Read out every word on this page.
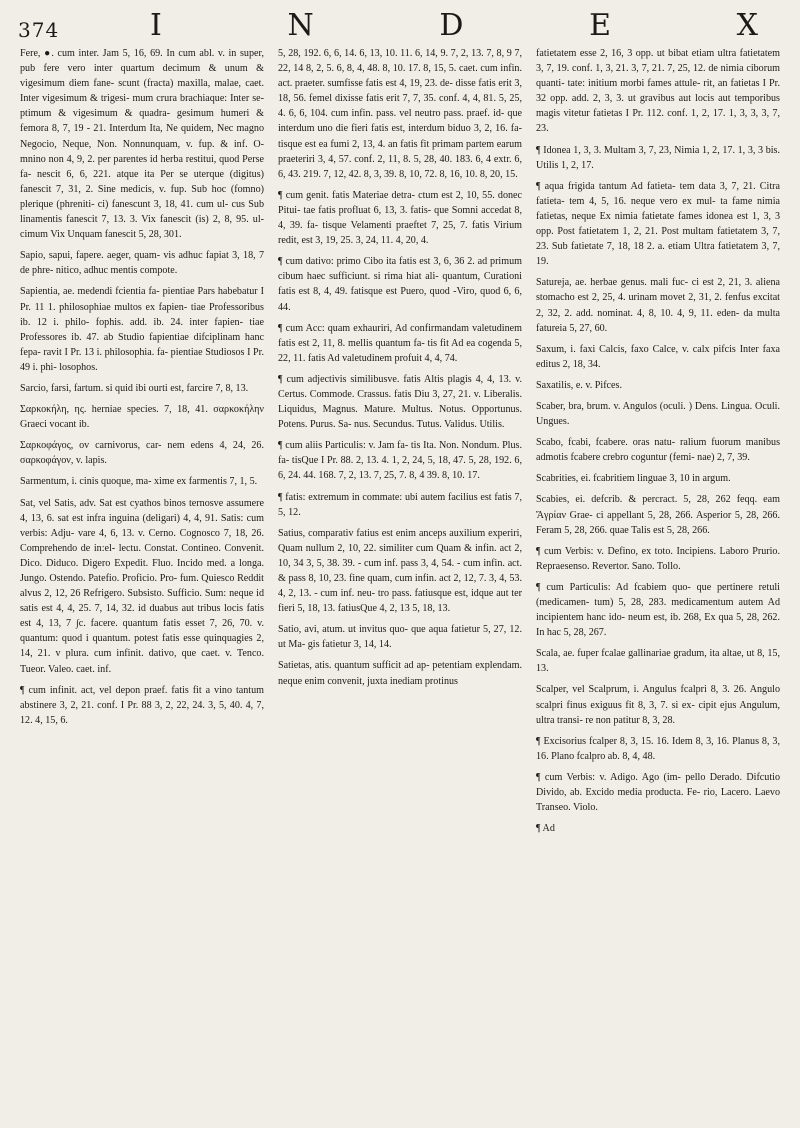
374	I	N	D	E	X

Fere, ●. cum inter. Jam 5, 16, 69. In cum abl. v. in super, pub fere vero inter quartum decimum & unum & vigesimum diem fane- scunt (fracta) maxilla, malae, caet. Inter vigesimum & trigesi- mum crura brachiaque: Inter se- ptimum & vigesimum & quadra- gesimum humeri & femora 8, 7, 19 - 21. Interdum Ita, Ne quidem, Nec magno Negocio, Neque, Non. Nonnunquam, v. fup. & inf. O- mnino non 4, 9, 2. per parentes id herba restitui, quod Perse fa- nescit 6, 6, 221. atque ita Per se uterque (digitus) fanescit 7, 31, 2. Sine medicis, v. fup. Sub hoc (fomno) plerique (phreniti- ci) fanescunt 3, 18, 41. cum ul- cus Sub linamentis fanescit 7, 13. 3. Vix fanescit (is) 2, 8, 95. ul- cimum Vix Unquam fanescit 5, 28, 301.

Sapio, sapui, fapere. aeger, quam- vis adhuc fapiat 3, 18, 7 de phre- nitico, adhuc mentis compote.

Sapientia, ae. medendi fcientia fa- pientiae Pars habebatur I Pr. 11 1. philosophiae multos ex fapien- tiae Professoribus ib. 12 i. philo- fophis. add. ib. 24. inter fapien- tiae Professores ib. 47. ab Studio fapientiae difciplinam hanc fepa- ravit I Pr. 13 i. philosophia. fa- pientiae Studiosos I Pr. 49 i. phi- losophos.

Sarcio, farsi, fartum. si quid ibi ourti est, farcire 7, 8, 13.

Σαρκοκήλη, ης. herniae species. 7, 18, 41. σαρκοκήλην Graeci vocant ib.

Σαρκοφάγος, ov carnivorus, car- nem edens 4, 24, 26. σαρκοφάγον, v. lapis.

Sarmentum, i. cinis quoque, ma- xime ex farmentis 7, 1, 5.

Sat, vel Satis, adv. Sat est cyathos binos ternosve assumere 4, 13, 6. sat est infra inguina (deligari) 4, 4, 91. Satis: cum verbis: Adju- vare 4, 6, 13. v. Cerno. Cognosco 7, 18, 26. Comprehendo de in:el- lectu. Constat. Contineo. Convenit. Dico. Diduco. Digero Expedit. Fluo. Incido med. a longa. Jungo. Ostendo. Patefio. Proficio. Pro- fum. Quiesco Reddit alvus 2, 12, 26 Refrigero. Subsisto. Sufficio. Sum: neque id satis est 4, 4, 25. 7, 14, 32. id duabus aut tribus locis fatis est 4, 13, 7 ∫c. facere. quantum fatis esset 7, 26, 70. v. quantum: quod i quantum. potest fatis esse quinquagies 2, 14, 21. v plura. cum infinit. dativo, que caet. v. Tenco. Tueor. Valeo. caet. inf.

¶ cum infinit. act, vel depon praef. fatis fit a vino tantum abstinere 3, 2, 21. conf. I Pr. 88 3, 2, 22, 24. 3, 5, 40. 4, 7, 12. 4, 15, 6.

5, 28, 192. 6, 6, 14. 6, 13, 10. 11. 6, 14, 9. 7, 2, 13. 7, 8, 9 7, 22, 14 8, 2, 5. 6, 8, 4, 48. 8, 10. 17. 8, 15, 5. caet. cum infin. act. praeter. sumfisse fatis est 4, 19, 23. de- disse fatis erit 3, 18, 56. femel dixisse fatis erit 7, 7, 35. conf. 4, 4, 81. 5, 25, 4. 6, 6, 104. cum infin. pass. vel neutro pass. praef. id- que interdum uno die fieri fatis est, interdum biduo 3, 2, 16. fa- tisque est ea fumi 2, 13, 4. an fatis fit primam partem earum praeteriri 3, 4, 57. conf. 2, 11, 8. 5, 28, 40. 183. 6, 4 extr. 6, 6, 43. 219. 7, 12, 42. 8, 3, 39. 8, 10, 72. 8, 16, 10. 8, 20, 15.

¶ cum genit. fatis Materiae detra- ctum est 2, 10, 55. donec Pitui- tae fatis profluat 6, 13, 3. fatis- que Somni accedat 8, 4, 39. fa- tisque Velamenti praeftet 7, 25, 7. fatis Virium redit, est 3, 19, 25. 3, 24, 11. 4, 20, 4.

¶ cum dativo: primo Cibo ita fatis est 3, 6, 36 2. ad primum cibum haec sufficiunt. si rima hiat ali- quantum, Curationi fatis est 8, 4, 49. fatisque est Puero, quod -Viro, quod 6, 6, 44.

¶ cum Acc: quam exhauriri, Ad confirmandam valetudinem fatis est 2, 11, 8. mellis quantum fa- tis fit Ad ea cogenda 5, 22, 11. fatis Ad valetudinem profuit 4, 4, 74.

¶ cum adjectivis similibusve. fatis Altis plagis 4, 4, 13. v. Certus. Commode. Crassus. fatis Diu 3, 27, 21. v. Liberalis. Liquidus, Magnus. Mature. Multus. Notus. Opportunus. Potens. Purus. Sa- nus. Secundus. Tutus. Validus. Utilis.

¶ cum aliis Particulis: v. Jam fa- tis Ita. Non. Nondum. Plus. fa- tisQue I Pr. 88. 2, 13. 4. 1, 2, 24, 5, 18, 47. 5, 28, 192. 6, 6, 24. 44. 168. 7, 2, 13. 7, 25, 7. 8, 4 39. 8, 10. 17.

¶ fatis: extremum in commate: ubi autem facilius est fatis 7, 5, 12.

Satius, comparativ fatius est enim anceps auxilium experiri, Quam nullum 2, 10, 22. similiter cum Quam & infin. act 2, 10, 34 3, 5, 38. 39. - cum inf. pass 3, 4, 54. - cum infin. act. & pass 8, 10, 23. fine quam, cum infin. act 2, 12, 7. 3, 4, 53. 4, 2, 13. - cum inf. neu- tro pass. fatiusque est, idque aut ter fieri 5, 18, 13. fatiusQue 4, 2, 13 5, 18, 13.

Satio, avi, atum. ut invitus quo- que aqua fatietur 5, 27, 12. ut Ma- gis fatietur 3, 14, 14.

Satietas, atis. quantum sufficit ad ap- petentiam explendam. neque enim convenit, juxta inediam protinus

fatietatem esse 2, 16, 3 opp. ut bibat etiam ultra fatietatem 3, 7, 19. conf. 1, 3, 21. 3, 7, 21. 7, 25, 12. de nimia ciborum quanti- tate: initium morbi fames attule- rit, an fatietas I Pr. 32 opp. add. 2, 3, 3. ut gravibus aut locis aut temporibus magis vitetur fatietas I Pr. 112. conf. 1, 2, 17. 1, 3, 3, 3, 7, 23.

¶ Idonea 1, 3, 3. Multam 3, 7, 23, Nimia 1, 2, 17. 1, 3, 3 bis. Utilis 1, 2, 17.

¶ aqua frigida tantum Ad fatieta- tem data 3, 7, 21. Citra fatieta- tem 4, 5, 16. neque vero ex mul- ta fame nimia fatietas, neque Ex nimia fatietate fames idonea est 1, 3, 3 opp. Post fatietatem 1, 2, 21. Post multam fatietatem 3, 7, 23. Sub fatietate 7, 18, 18 2. a. etiam Ultra fatietatem 3, 7, 19.

Satureja, ae. herbae genus. mali fuc- ci est 2, 21, 3. aliena stomacho est 2, 25, 4. urinam movet 2, 31, 2. fenfus excitat 2, 32, 2. add. nominat. 4, 8, 10. 4, 9, 11. eden- da multa fatureia 5, 27, 60.

Saxum, i. faxi Calcis, faxo Calce, v. calx pifcis Inter faxa editus 2, 18, 34.

Saxatilis, e. v. Pifces.

Scaber, bra, brum. v. Angulos (oculi. ) Dens. Lingua. Oculi. Ungues.

Scabo, fcabi, fcabere. oras natu- ralium fuorum manibus admotis fcabere crebro coguntur (femi- nae) 2, 7, 39.

Scabrities, ei. fcabritiem linguae 3, 10 in argum.

Scabies, ei. defcrib. & percract. 5, 28, 262 feqq. eam Ἄγρίαν Grae- ci appellant 5, 28, 266. Asperior 5, 28, 266. Feram 5, 28, 266. quae Talis est 5, 28, 266.

¶ cum Verbis: v. Defino, ex toto. Incipiens. Laboro Prurio. Repraesenso. Revertor. Sano. Tollo.

¶ cum Particulis: Ad fcabiem quo- que pertinere retuli (medicamen- tum) 5, 28, 283. medicamentum autem Ad incipientem hanc ido- neum est, ib. 268, Ex qua 5, 28, 262. In hac 5, 28, 267.

Scala, ae. fuper fcalae gallinariae gradum, ita altae, ut 8, 15, 13.

Scalper, vel Scalprum, i. Angulus fcalpri 8, 3. 26. Angulo scalpri finus exiguus fit 8, 3, 7. si ex- cipit ejus Angulum, ultra transi- re non patitur 8, 3, 28.

¶ Excisorius fcalper 8, 3, 15. 16. Idem 8, 3, 16. Planus 8, 3, 16. Plano fcalpro ab. 8, 4, 48.

¶ cum Verbis: v. Adigo. Ago (im- pello Derado. Difcutio Divido, ab. Excido media producta. Fe- rio, Lacero. Laevo Transeo. Violo.

¶ Ad
